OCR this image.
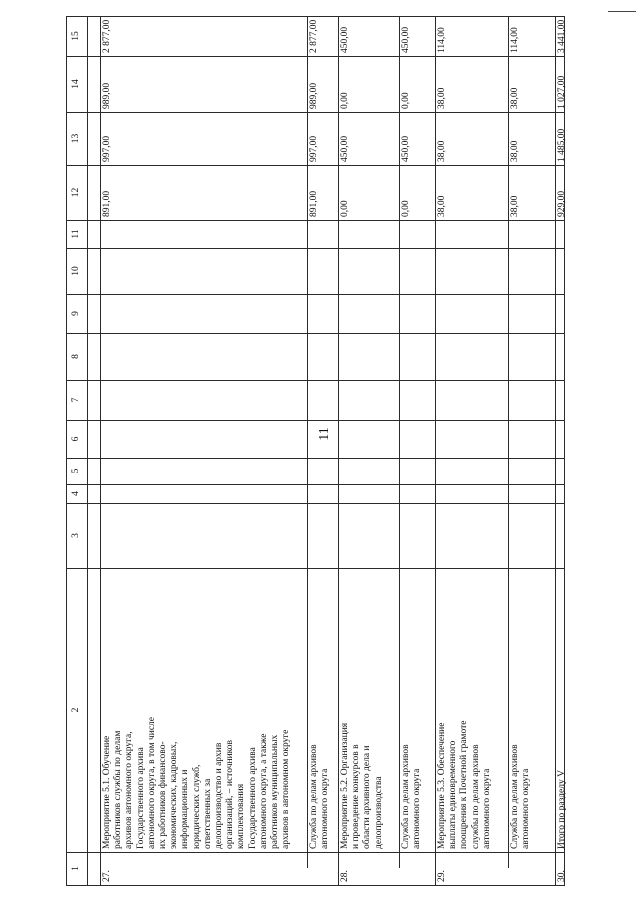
11
1
2
3
4
5
6
7
8
9
10
11
12
13
14
15
27.
Мероприятие 5.1. Обучение
работников службы по делам
архивов автономного округа,
Государственного архива
автономного округа, в том числе
их работников финансово-
экономических, кадровых,
информационных и
юридических служб,
ответственных за
делопроизводство и архив
организаций, – источников
комплектования
Государственного архива
автономного округа, а также
работников муниципальных
архивов в автономном округе
891,00
997,00
989,00
2 877,00
Служба по делам архивов
автономного округа
891,00
997,00
989,00
2 877,00
28.
Мероприятие 5.2. Организация
и проведение конкурсов в
области архивного дела и
делопроизводства
0,00
450,00
0,00
450,00
Служба по делам архивов
автономного округа
0,00
450,00
0,00
450,00
29.
Мероприятие 5.3. Обеспечение
выплаты единовременного
поощрения к Почетной грамоте
службы по делам архивов
автономного округа
38,00
38,00
38,00
114,00
Служба по делам архивов
автономного округа
38,00
38,00
38,00
114,00
30.
Итого по разделу V
929,00
1 485,00
1 027,00
3 441,00
